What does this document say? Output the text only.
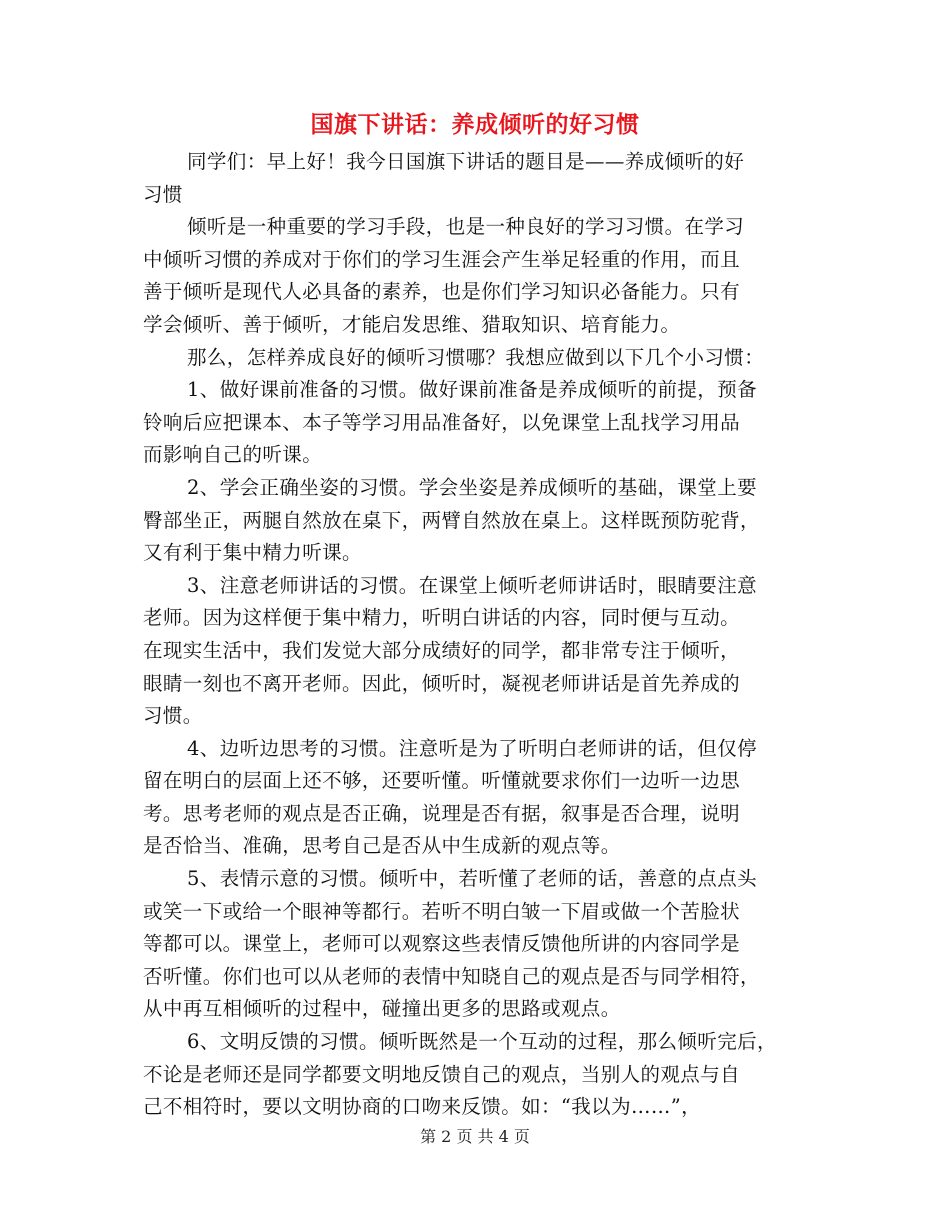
国旗下讲话：养成倾听的好习惯
同学们：早上好！我今日国旗下讲话的题目是——养成倾听的好
习惯
倾听是一种重要的学习手段，也是一种良好的学习习惯。在学习
中倾听习惯的养成对于你们的学习生涯会产生举足轻重的作用，而且
善于倾听是现代人必具备的素养，也是你们学习知识必备能力。只有
学会倾听、善于倾听，才能启发思维、猎取知识、培育能力。
那么，怎样养成良好的倾听习惯哪？我想应做到以下几个小习惯：
1、做好课前准备的习惯。做好课前准备是养成倾听的前提，预备
铃响后应把课本、本子等学习用品准备好，以免课堂上乱找学习用品
而影响自己的听课。
2、学会正确坐姿的习惯。学会坐姿是养成倾听的基础，课堂上要
臀部坐正，两腿自然放在桌下，两臂自然放在桌上。这样既预防驼背，
又有利于集中精力听课。
3、注意老师讲话的习惯。在课堂上倾听老师讲话时，眼睛要注意
老师。因为这样便于集中精力，听明白讲话的内容，同时便与互动。
在现实生活中，我们发觉大部分成绩好的同学，都非常专注于倾听，
眼睛一刻也不离开老师。因此，倾听时，凝视老师讲话是首先养成的
习惯。
4、边听边思考的习惯。注意听是为了听明白老师讲的话，但仅停
留在明白的层面上还不够，还要听懂。听懂就要求你们一边听一边思
考。思考老师的观点是否正确，说理是否有据，叙事是否合理，说明
是否恰当、准确，思考自己是否从中生成新的观点等。
5、表情示意的习惯。倾听中，若听懂了老师的话，善意的点点头
或笑一下或给一个眼神等都行。若听不明白皱一下眉或做一个苦脸状
等都可以。课堂上，老师可以观察这些表情反馈他所讲的内容同学是
否听懂。你们也可以从老师的表情中知晓自己的观点是否与同学相符，
从中再互相倾听的过程中，碰撞出更多的思路或观点。
6、文明反馈的习惯。倾听既然是一个互动的过程，那么倾听完后，
不论是老师还是同学都要文明地反馈自己的观点，当别人的观点与自
己不相符时，要以文明协商的口吻来反馈。如：“我以为……”，
第 2 页 共 4 页
